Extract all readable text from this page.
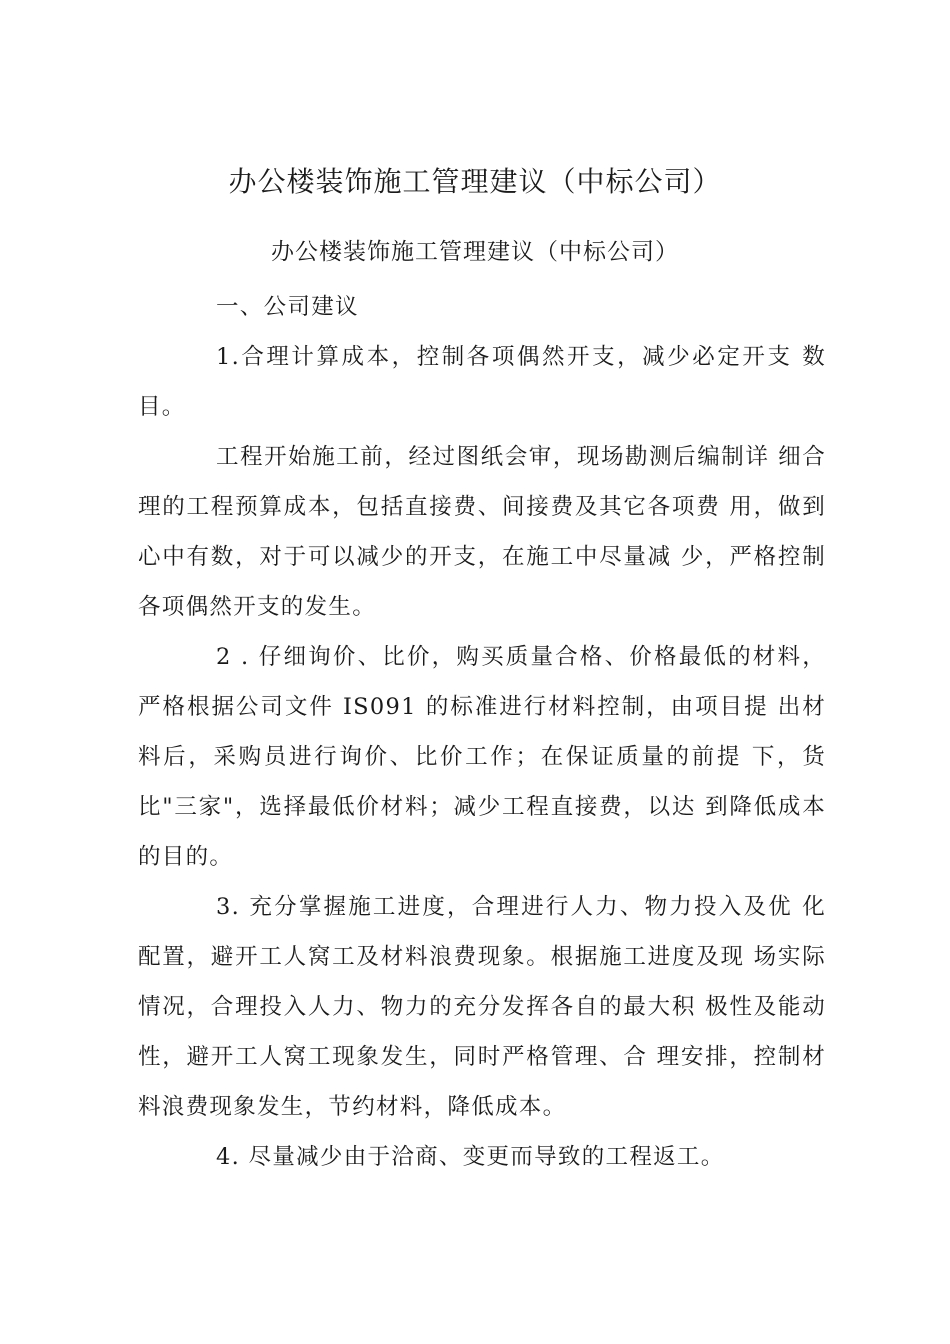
办公楼装饰施工管理建议（中标公司）
办公楼装饰施工管理建议（中标公司）

一、公司建议

1.合理计算成本，控制各项偶然开支，减少必定开支 数目。

工程开始施工前，经过图纸会审，现场勘测后编制详 细合理的工程预算成本，包括直接费、间接费及其它各项费 用，做到心中有数，对于可以减少的开支，在施工中尽量减 少，严格控制各项偶然开支的发生。

2 . 仔细询价、比价，购买质量合格、价格最低的材料，严格根据公司文件 IS091 的标准进行材料控制，由项目提 出材料后，采购员进行询价、比价工作；在保证质量的前提 下，货比"三家"，选择最低价材料；减少工程直接费，以达 到降低成本的目的。

3. 充分掌握施工进度，合理进行人力、物力投入及优 化配置，避开工人窝工及材料浪费现象。根据施工进度及现 场实际情况，合理投入人力、物力的充分发挥各自的最大积 极性及能动性，避开工人窝工现象发生，同时严格管理、合 理安排，控制材料浪费现象发生，节约材料，降低成本。

4. 尽量减少由于洽商、变更而导致的工程返工。
